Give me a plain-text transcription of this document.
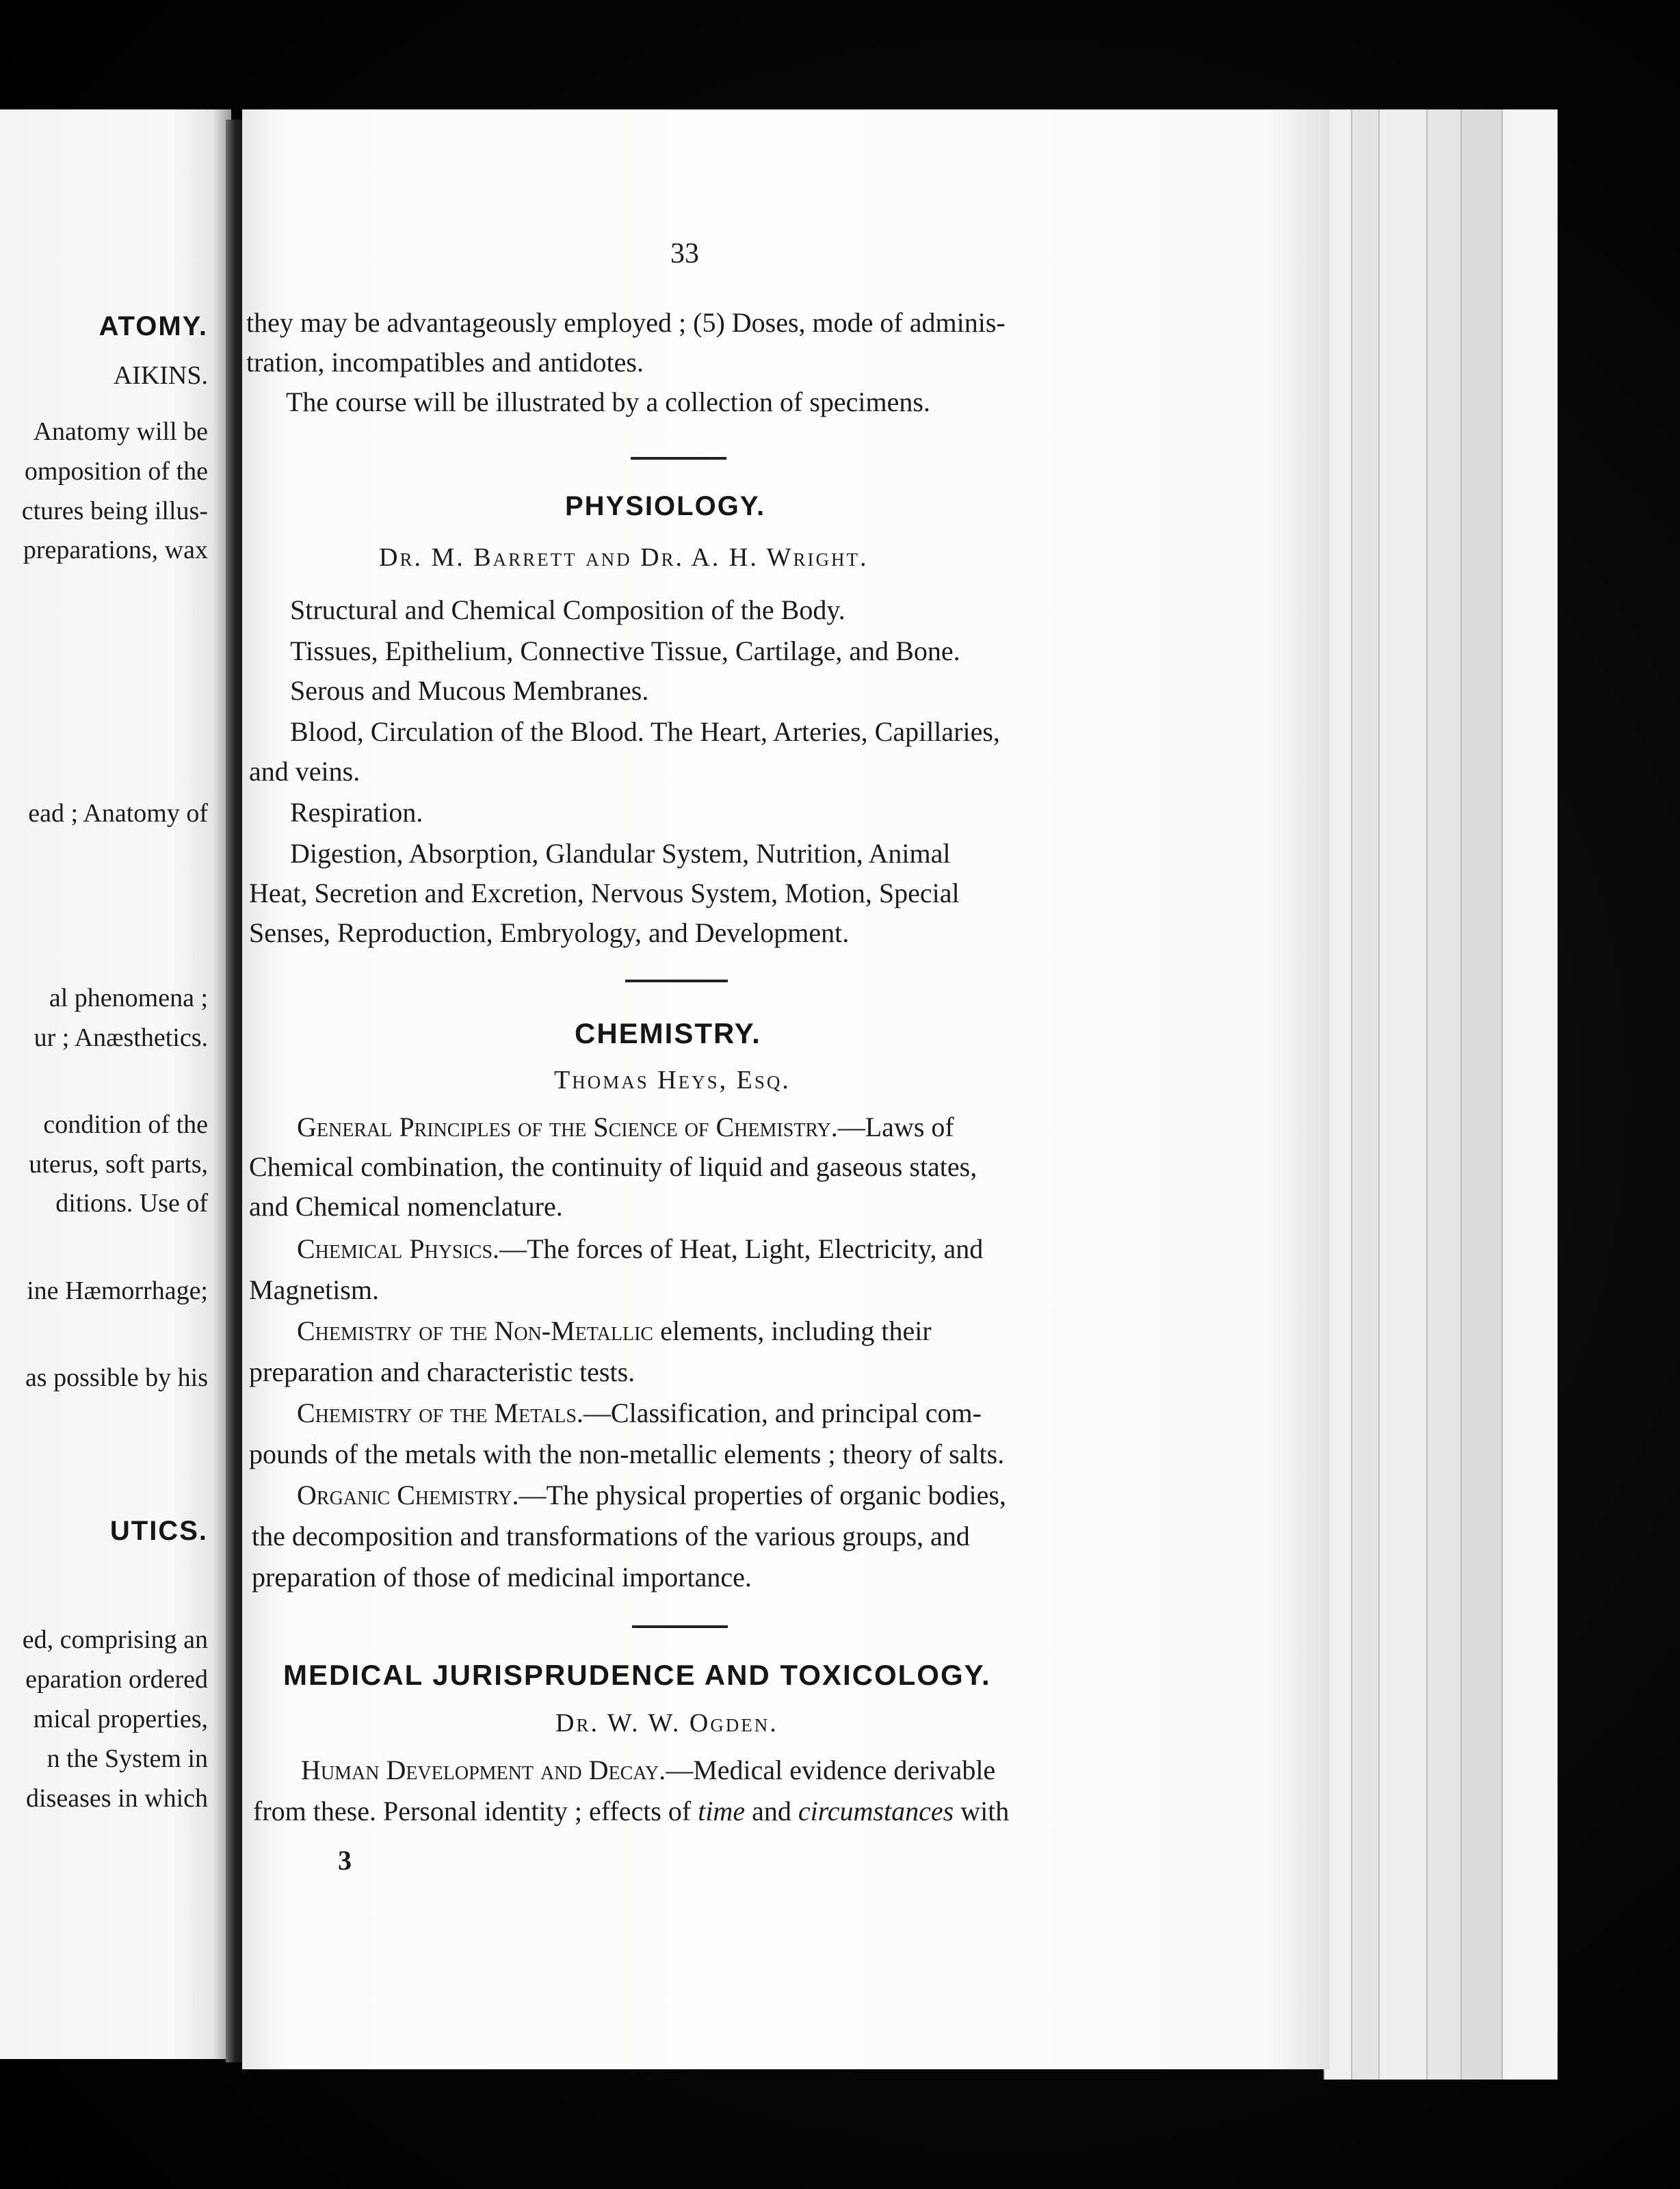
ATOMY.
AIKINS.
Anatomy will be
omposition of the
ctures being illus-
preparations, wax
ead ; Anatomy of
al phenomena ;
ur ; Anæsthetics.
condition of the
uterus, soft parts,
ditions. Use of
ine Hæmorrhage;
as possible by his
UTICS.
ed, comprising an
eparation ordered
mical properties,
n the System in
diseases in which
33
they may be advantageously employed ; (5) Doses, mode of adminis-
tration, incompatibles and antidotes.
The course will be illustrated by a collection of specimens.
PHYSIOLOGY.
Dr. M. Barrett and Dr. A. H. Wright.
Structural and Chemical Composition of the Body.
Tissues, Epithelium, Connective Tissue, Cartilage, and Bone.
Serous and Mucous Membranes.
Blood, Circulation of the Blood. The Heart, Arteries, Capillaries,
and veins.
Respiration.
Digestion, Absorption, Glandular System, Nutrition, Animal
Heat, Secretion and Excretion, Nervous System, Motion, Special
Senses, Reproduction, Embryology, and Development.
CHEMISTRY.
Thomas Heys, Esq.
General Principles of the Science of Chemistry.—Laws of
Chemical combination, the continuity of liquid and gaseous states,
and Chemical nomenclature.
Chemical Physics.—The forces of Heat, Light, Electricity, and
Magnetism.
Chemistry of the Non-Metallic elements, including their
preparation and characteristic tests.
Chemistry of the Metals.—Classification, and principal com-
pounds of the metals with the non-metallic elements ; theory of salts.
Organic Chemistry.—The physical properties of organic bodies,
the decomposition and transformations of the various groups, and
preparation of those of medicinal importance.
MEDICAL JURISPRUDENCE AND TOXICOLOGY.
Dr. W. W. Ogden.
Human Development and Decay.—Medical evidence derivable
from these. Personal identity ; effects of time and circumstances with
3
